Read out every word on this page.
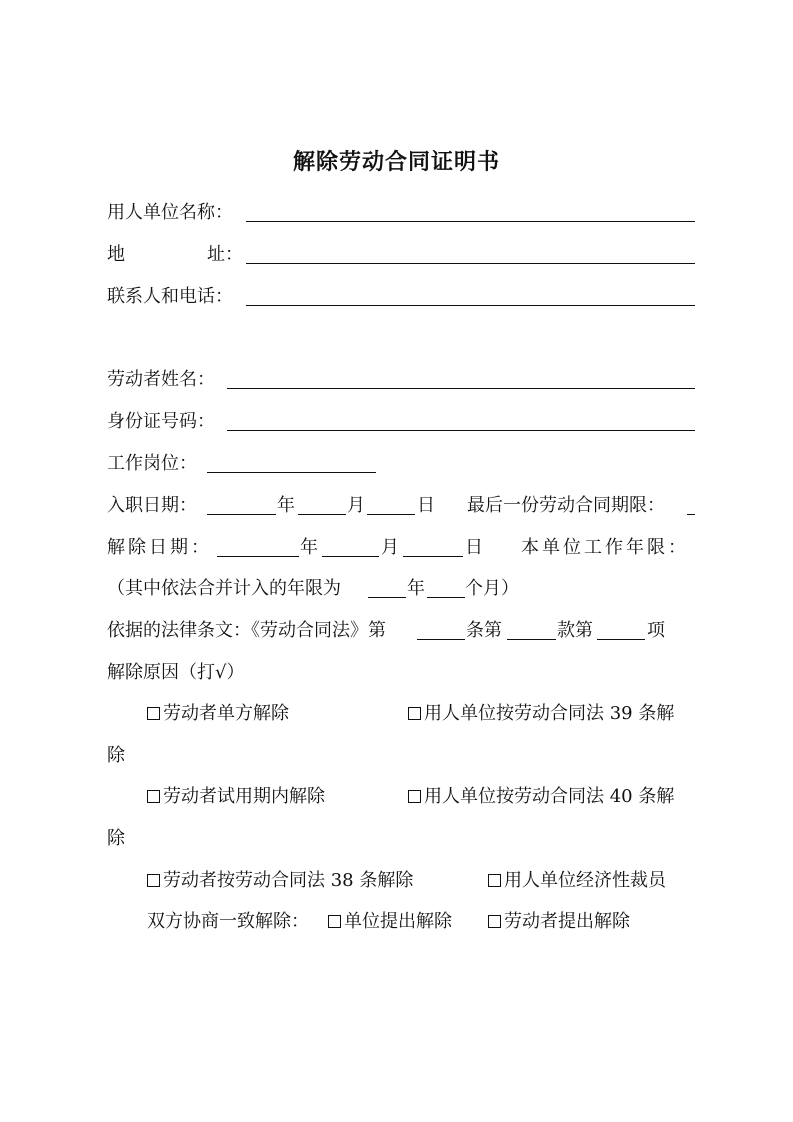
解除劳动合同证明书
用人单位名称：
地	址：
联系人和电话：
劳动者姓名：
身份证号码：
工作岗位：
入职日期：	年	月	日 最后一份劳动合同期限：
解除日期：	年	月	日 本单位工作年限：
（其中依法合并计入的年限为	年 个月）
依据的法律条文：《劳动合同法》第	条第	款第	项
解除原因（打√）
劳动者单方解除	用人单位按劳动合同法 39 条解
除
劳动者试用期内解除	用人单位按劳动合同法 40 条解
除
劳动者按劳动合同法 38 条解除	用人单位经济性裁员
双方协商一致解除：	单位提出解除	劳动者提出解除
